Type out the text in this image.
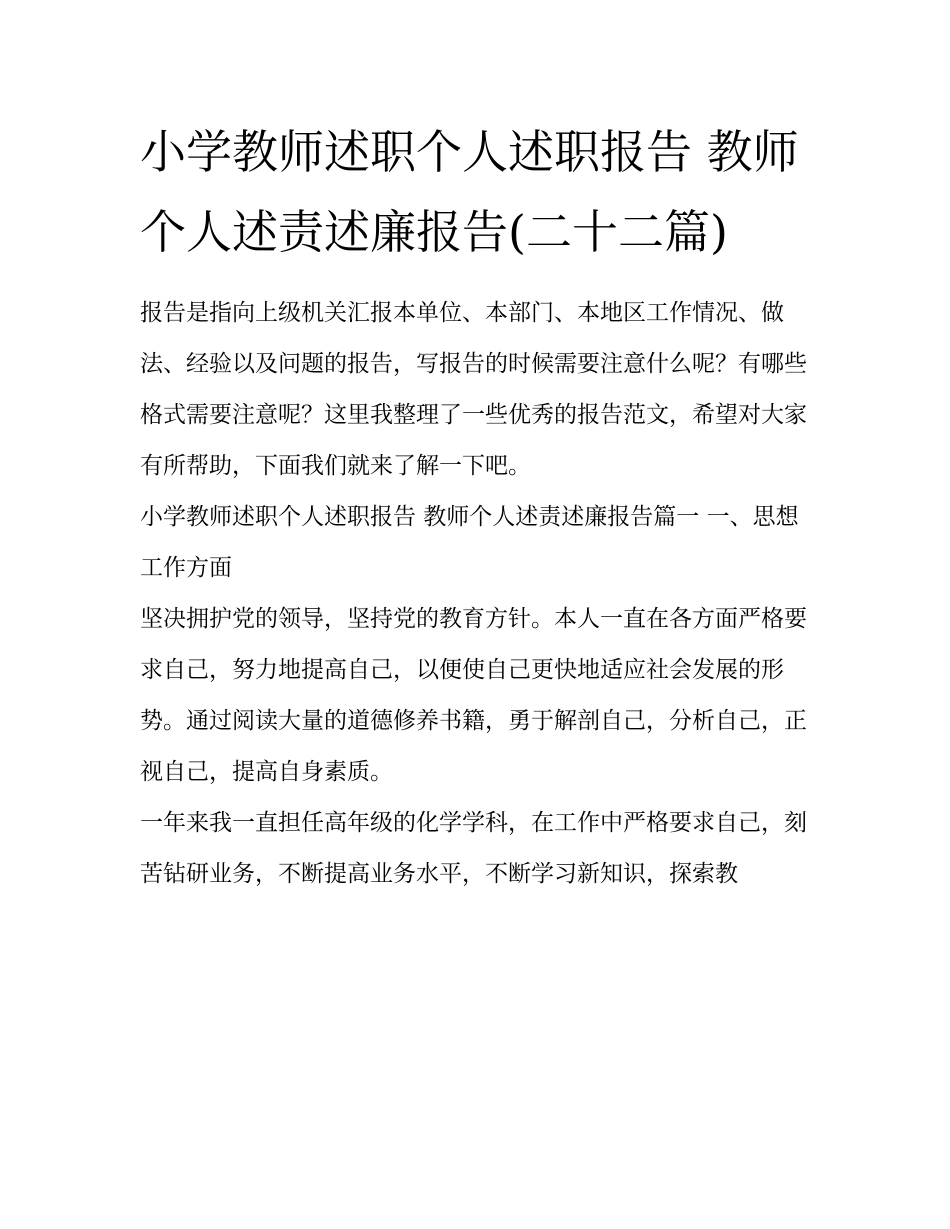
小学教师述职个人述职报告 教师个人述责述廉报告(二十二篇)

报告是指向上级机关汇报本单位、本部门、本地区工作情况、做法、经验以及问题的报告，写报告的时候需要注意什么呢？有哪些格式需要注意呢？这里我整理了一些优秀的报告范文，希望对大家有所帮助，下面我们就来了解一下吧。

小学教师述职个人述职报告 教师个人述责述廉报告篇一 一、思想工作方面

坚决拥护党的领导，坚持党的教育方针。本人一直在各方面严格要求自己，努力地提高自己，以便使自己更快地适应社会发展的形势。通过阅读大量的道德修养书籍，勇于解剖自己，分析自己，正视自己，提高自身素质。

一年来我一直担任高年级的化学学科，在工作中严格要求自己，刻苦钻研业务，不断提高业务水平，不断学习新知识，探索教
